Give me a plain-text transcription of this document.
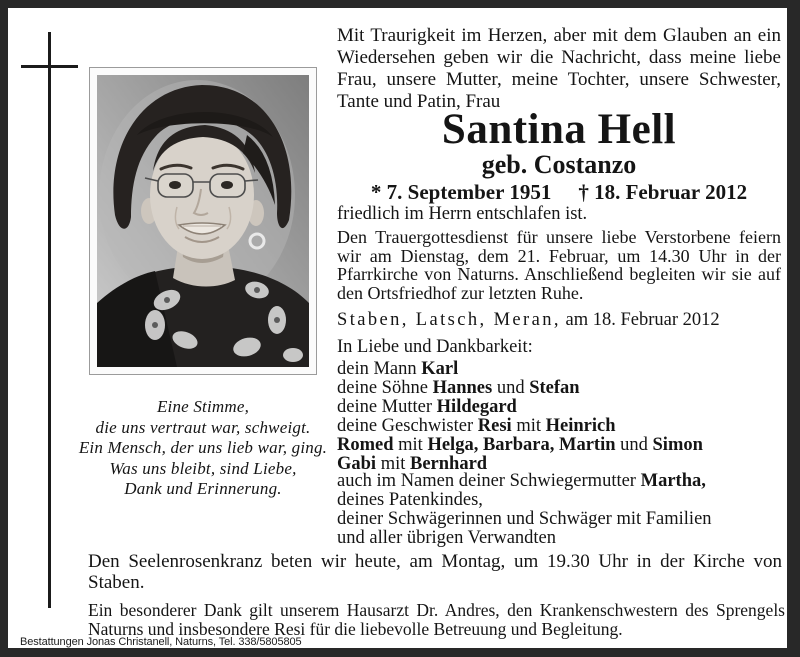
Eine Stimme,
die uns vertraut war, schweigt.
Ein Mensch, der uns lieb war, ging.
Was uns bleibt, sind Liebe,
Dank und Erinnerung.
Mit Traurigkeit im Herzen, aber mit dem Glauben an ein Wiedersehen geben wir die Nachricht, dass meine liebe Frau, unsere Mutter, meine Tochter, unsere Schwester, Tante und Patin, Frau
Santina Hell
geb. Costanzo
* 7. September 1951 † 18. Februar 2012
friedlich im Herrn entschlafen ist.
Den Trauergottesdienst für unsere liebe Verstorbene feiern wir am Dienstag, dem 21. Februar, um 14.30 Uhr in der Pfarrkirche von Naturns. Anschließend begleiten wir sie auf den Ortsfriedhof zur letzten Ruhe.
Staben, Latsch, Meran, am 18. Februar 2012
In Liebe und Dankbarkeit:
dein Mann Karl
deine Söhne Hannes und Stefan
deine Mutter Hildegard
deine Geschwister Resi mit Heinrich
Romed mit Helga, Barbara, Martin und Simon
Gabi mit Bernhard
auch im Namen deiner Schwiegermutter Martha,
deines Patenkindes,
deiner Schwägerinnen und Schwäger mit Familien
und aller übrigen Verwandten
Den Seelenrosenkranz beten wir heute, am Montag, um 19.30 Uhr in der Kirche von Staben.
Ein besonderer Dank gilt unserem Hausarzt Dr. Andres, den Krankenschwestern des Sprengels Naturns und insbesondere Resi für die liebevolle Betreuung und Begleitung.
Bestattungen Jonas Christanell, Naturns, Tel. 338/5805805
